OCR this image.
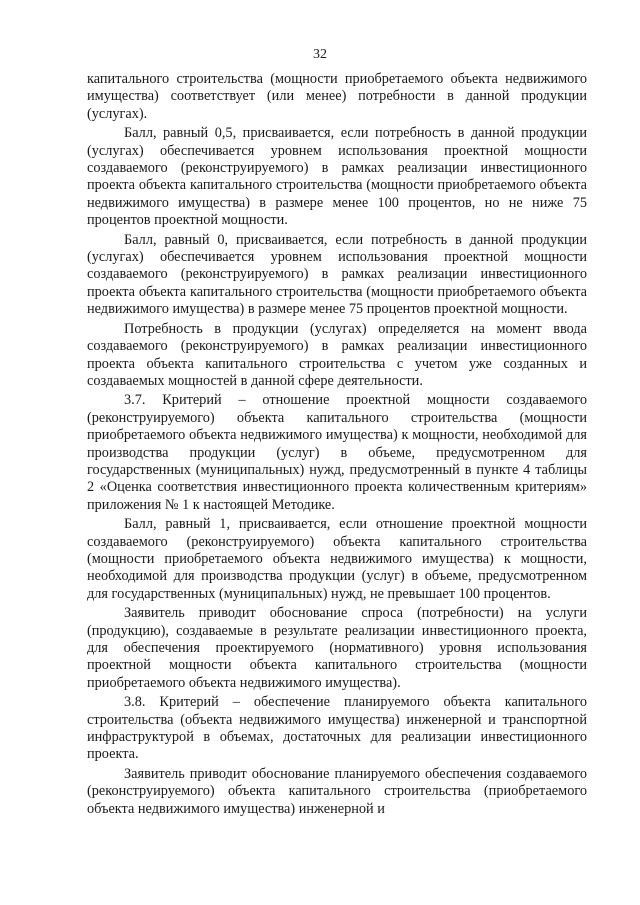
32

капитального строительства (мощности приобретаемого объекта недвижимого имущества) соответствует (или менее) потребности в данной продукции (услугах).

Балл, равный 0,5, присваивается, если потребность в данной продукции (услугах) обеспечивается уровнем использования проектной мощности создаваемого (реконструируемого) в рамках реализации инвестиционного проекта объекта капитального строительства (мощности приобретаемого объекта недвижимого имущества) в размере менее 100 процентов, но не ниже 75 процентов проектной мощности.

Балл, равный 0, присваивается, если потребность в данной продукции (услугах) обеспечивается уровнем использования проектной мощности создаваемого (реконструируемого) в рамках реализации инвестиционного проекта объекта капитального строительства (мощности приобретаемого объекта недвижимого имущества) в размере менее 75 процентов проектной мощности.

Потребность в продукции (услугах) определяется на момент ввода создаваемого (реконструируемого) в рамках реализации инвестиционного проекта объекта капитального строительства с учетом уже созданных и создаваемых мощностей в данной сфере деятельности.

3.7. Критерий – отношение проектной мощности создаваемого (реконструируемого) объекта капитального строительства (мощности приобретаемого объекта недвижимого имущества) к мощности, необходимой для производства продукции (услуг) в объеме, предусмотренном для государственных (муниципальных) нужд, предусмотренный в пункте 4 таблицы 2 «Оценка соответствия инвестиционного проекта количественным критериям» приложения № 1 к настоящей Методике.

Балл, равный 1, присваивается, если отношение проектной мощности создаваемого (реконструируемого) объекта капитального строительства (мощности приобретаемого объекта недвижимого имущества) к мощности, необходимой для производства продукции (услуг) в объеме, предусмотренном для государственных (муниципальных) нужд, не превышает 100 процентов.

Заявитель приводит обоснование спроса (потребности) на услуги (продукцию), создаваемые в результате реализации инвестиционного проекта, для обеспечения проектируемого (нормативного) уровня использования проектной мощности объекта капитального строительства (мощности приобретаемого объекта недвижимого имущества).

3.8. Критерий – обеспечение планируемого объекта капитального строительства (объекта недвижимого имущества) инженерной и транспортной инфраструктурой в объемах, достаточных для реализации инвестиционного проекта.

Заявитель приводит обоснование планируемого обеспечения создаваемого (реконструируемого) объекта капитального строительства (приобретаемого объекта недвижимого имущества) инженерной и
